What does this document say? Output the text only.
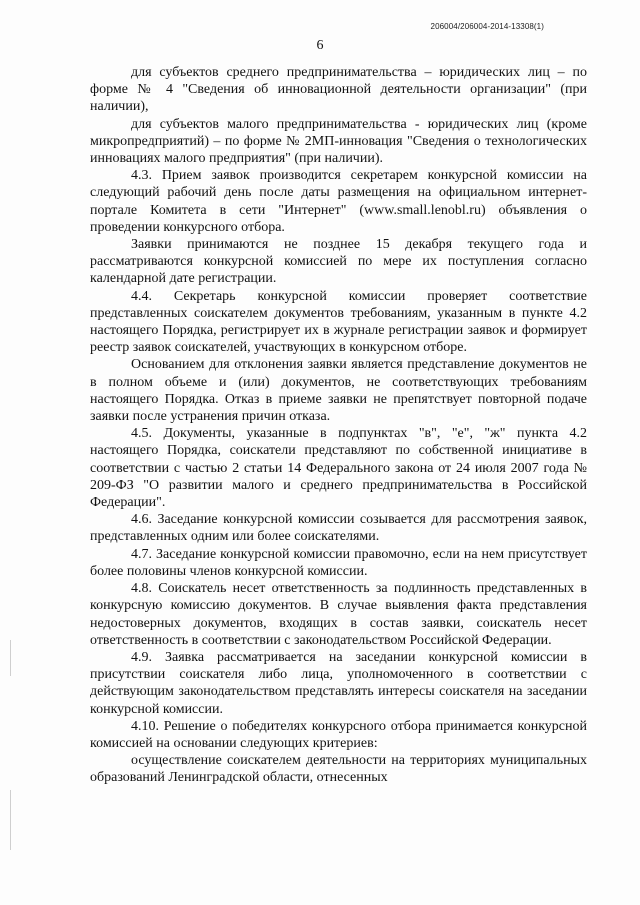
206004/206004-2014-13308(1)
6

для субъектов среднего предпринимательства – юридических лиц – по форме № 4 "Сведения об инновационной деятельности организации" (при наличии),

для субъектов малого предпринимательства - юридических лиц (кроме микропредприятий) – по форме № 2МП-инновация "Сведения о технологических инновациях малого предприятия" (при наличии).

4.3. Прием заявок производится секретарем конкурсной комиссии на следующий рабочий день после даты размещения на официальном интернет-портале Комитета в сети "Интернет" (www.small.lenobl.ru) объявления о проведении конкурсного отбора.

Заявки принимаются не позднее 15 декабря текущего года и рассматриваются конкурсной комиссией по мере их поступления согласно календарной дате регистрации.

4.4. Секретарь конкурсной комиссии проверяет соответствие представленных соискателем документов требованиям, указанным в пункте 4.2 настоящего Порядка, регистрирует их в журнале регистрации заявок и формирует реестр заявок соискателей, участвующих в конкурсном отборе.

Основанием для отклонения заявки является представление документов не в полном объеме и (или) документов, не соответствующих требованиям настоящего Порядка. Отказ в приеме заявки не препятствует повторной подаче заявки после устранения причин отказа.

4.5. Документы, указанные в подпунктах "в", "е", "ж" пункта 4.2 настоящего Порядка, соискатели представляют по собственной инициативе в соответствии с частью 2 статьи 14 Федерального закона от 24 июля 2007 года № 209-ФЗ "О развитии малого и среднего предпринимательства в Российской Федерации".

4.6. Заседание конкурсной комиссии созывается для рассмотрения заявок, представленных одним или более соискателями.

4.7. Заседание конкурсной комиссии правомочно, если на нем присутствует более половины членов конкурсной комиссии.

4.8. Соискатель несет ответственность за подлинность представленных в конкурсную комиссию документов. В случае выявления факта представления недостоверных документов, входящих в состав заявки, соискатель несет ответственность в соответствии с законодательством Российской Федерации.

4.9. Заявка рассматривается на заседании конкурсной комиссии в присутствии соискателя либо лица, уполномоченного в соответствии с действующим законодательством представлять интересы соискателя на заседании конкурсной комиссии.

4.10. Решение о победителях конкурсного отбора принимается конкурсной комиссией на основании следующих критериев:

осуществление соискателем деятельности на территориях муниципальных образований Ленинградской области, отнесенных
